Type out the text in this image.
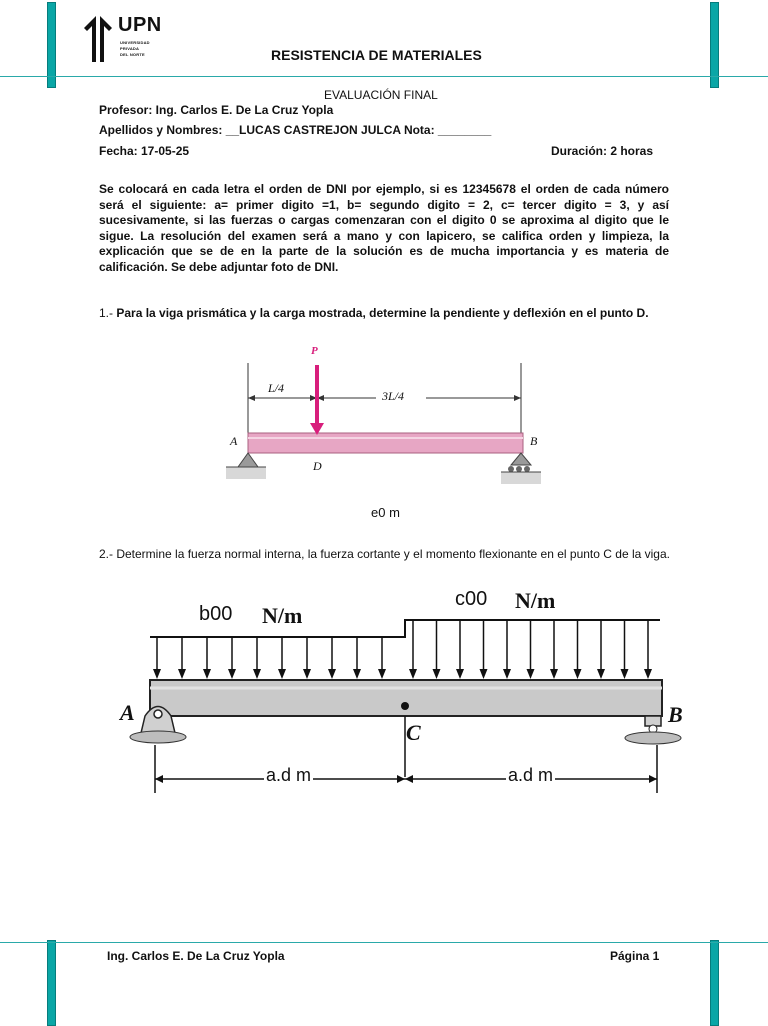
UPN
UNIVERSIDAD
PRIVADA
DEL NORTE	RESISTENCIA DE MATERIALES
EVALUACIÓN FINAL
Profesor: Ing. Carlos E. De La Cruz Yopla
Apellidos y Nombres: __LUCAS CASTREJON JULCA Nota: ________
Fecha: 17-05-25	Duración: 2 horas
Se colocará en cada letra el orden de DNI por ejemplo, si es 12345678 el orden de cada número será el siguiente: a= primer digito =1, b= segundo digito = 2, c= tercer digito = 3, y así sucesivamente, si las fuerzas o cargas comenzaran con el digito 0 se aproxima al digito que le sigue. La resolución del examen será a mano y con lapicero, se califica orden y limpieza, la explicación que se de en la parte de la solución es de mucha importancia y es materia de calificación. Se debe adjuntar foto de DNI.
1.- Para la viga prismática y la carga mostrada, determine la pendiente y deflexión en el punto D.
P
L/4
3L/4
A	B
D
e0 m
2.- Determine la fuerza normal interna, la fuerza cortante y el momento flexionante en el punto C de la viga.
b00 N/m
c00 N/m
A	B
C
a.d m	a.d m
Ing. Carlos E. De La Cruz Yopla	Página 1
